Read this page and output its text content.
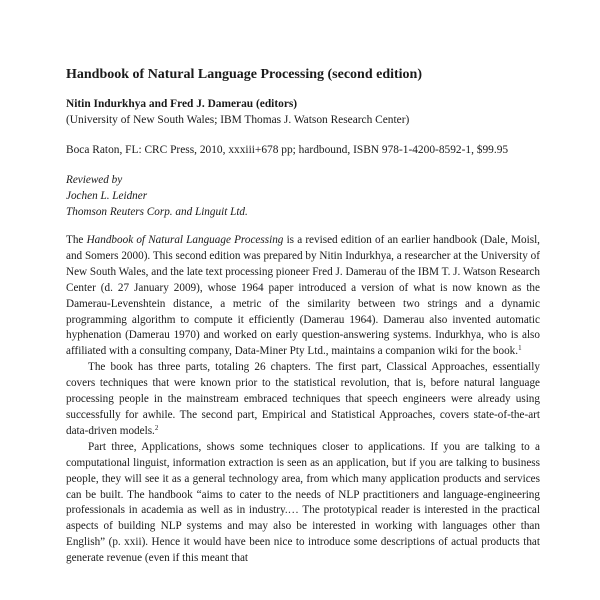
Handbook of Natural Language Processing (second edition)
Nitin Indurkhya and Fred J. Damerau (editors)
(University of New South Wales; IBM Thomas J. Watson Research Center)
Boca Raton, FL: CRC Press, 2010, xxxiii+678 pp; hardbound, ISBN 978-1-4200-8592-1, $99.95
Reviewed by
Jochen L. Leidner
Thomson Reuters Corp. and Linguit Ltd.

The Handbook of Natural Language Processing is a revised edition of an earlier handbook (Dale, Moisl, and Somers 2000). This second edition was prepared by Nitin Indurkhya, a researcher at the University of New South Wales, and the late text processing pioneer Fred J. Damerau of the IBM T. J. Watson Research Center (d. 27 January 2009), whose 1964 paper introduced a version of what is now known as the Damerau-Levenshtein distance, a metric of the similarity between two strings and a dynamic programming algorithm to compute it efficiently (Damerau 1964). Damerau also invented automatic hyphenation (Damerau 1970) and worked on early question-answering systems. Indurkhya, who is also affiliated with a consulting company, Data-Miner Pty Ltd., maintains a companion wiki for the book.$^1$

The book has three parts, totaling 26 chapters. The first part, Classical Approaches, essentially covers techniques that were known prior to the statistical revolution, that is, before natural language processing people in the mainstream embraced techniques that speech engineers were already using successfully for awhile. The second part, Empirical and Statistical Approaches, covers state-of-the-art data-driven models.$^2$

Part three, Applications, shows some techniques closer to applications. If you are talking to a computational linguist, information extraction is seen as an application, but if you are talking to business people, they will see it as a general technology area, from which many application products and services can be built. The handbook “aims to cater to the needs of NLP practitioners and language-engineering professionals in academia as well as in industry.… The prototypical reader is interested in the practical aspects of building NLP systems and may also be interested in working with languages other than English” (p. xxii). Hence it would have been nice to introduce some descriptions of actual products that generate revenue (even if this meant that
